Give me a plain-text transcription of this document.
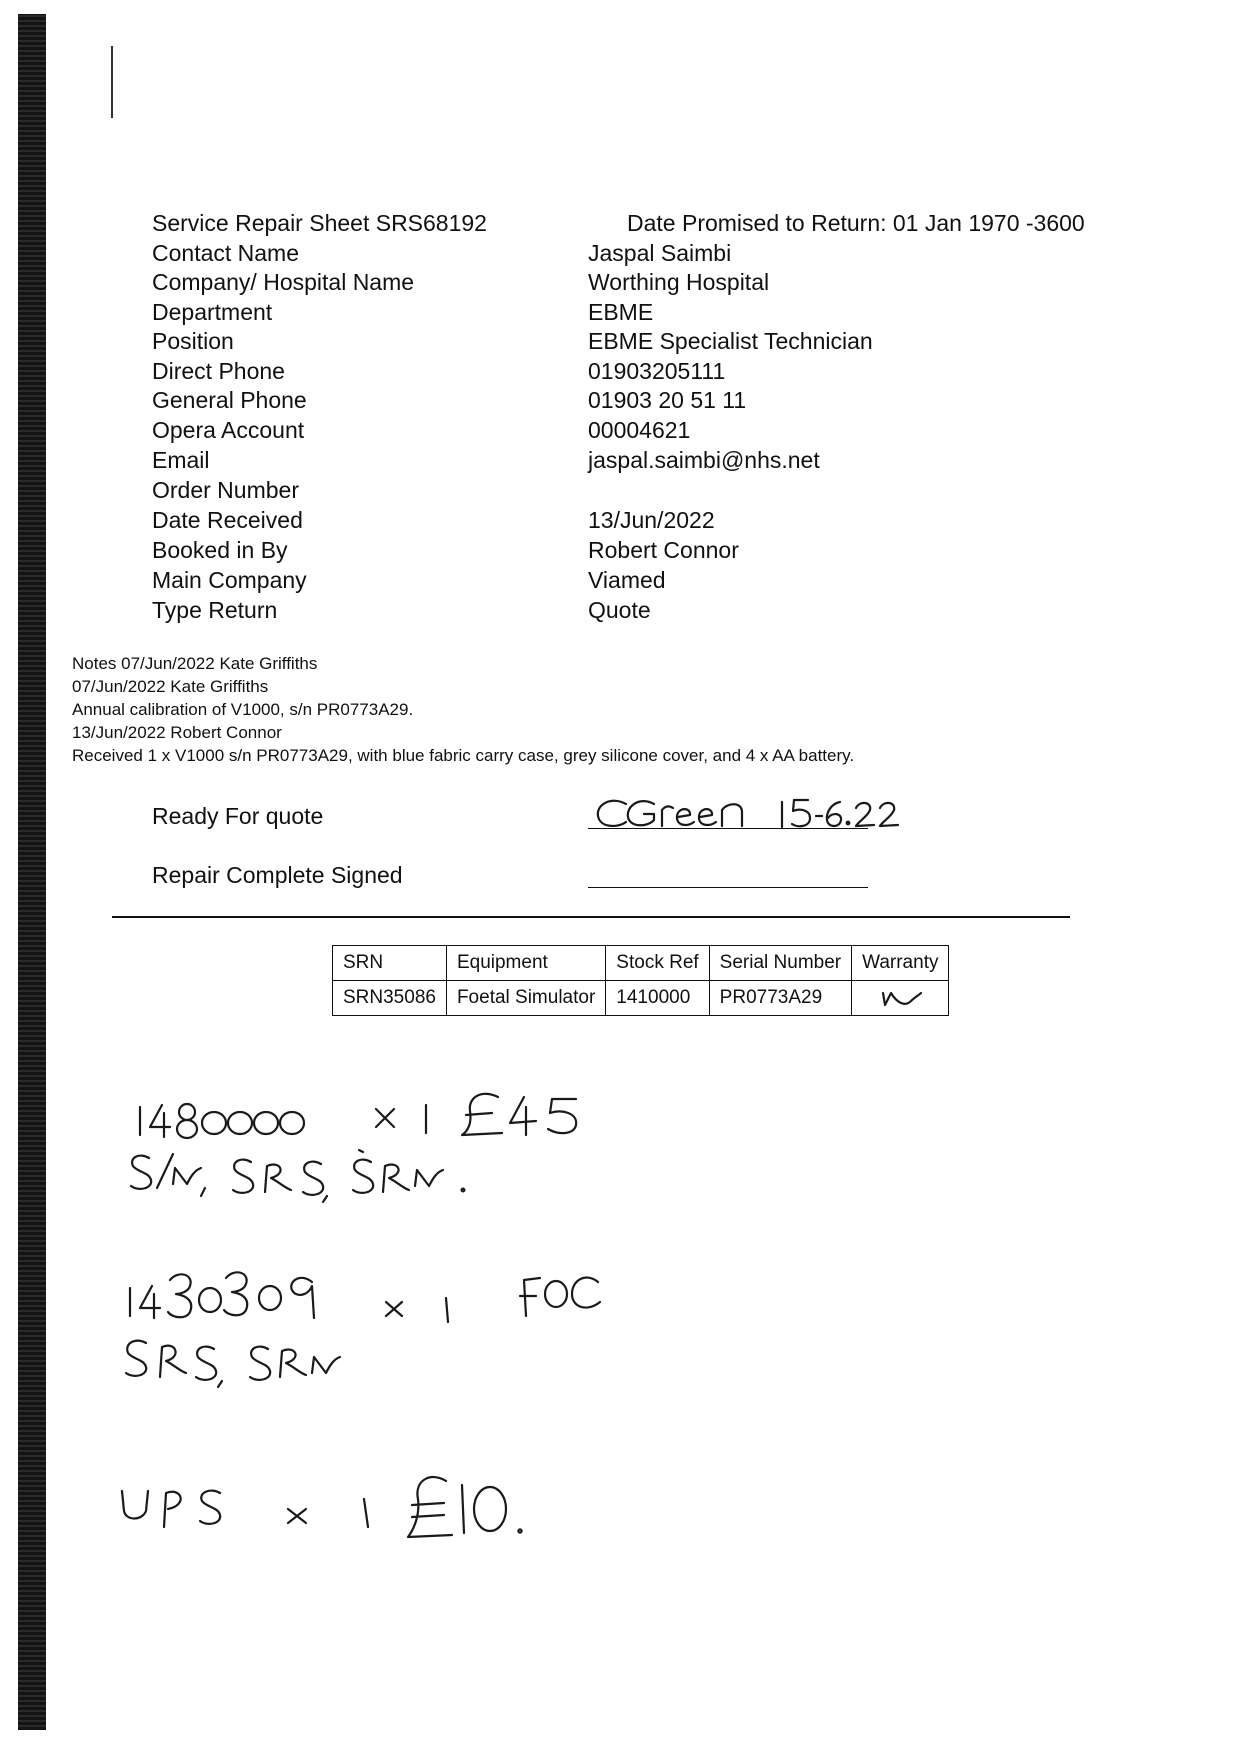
Service Repair Sheet SRS68192	Date Promised to Return: 01 Jan 1970 -3600
Contact Name	Jaspal Saimbi
Company/ Hospital Name	Worthing Hospital
Department	EBME
Position	EBME Specialist Technician
Direct Phone	01903205111
General Phone	01903 20 51 11
Opera Account	00004621
Email	jaspal.saimbi@nhs.net
Order Number
Date Received	13/Jun/2022
Booked in By	Robert Connor
Main Company	Viamed
Type Return	Quote
Notes 07/Jun/2022 Kate Griffiths
07/Jun/2022 Kate Griffiths
Annual calibration of V1000, s/n PR0773A29.
13/Jun/2022 Robert Connor
Received 1 x V1000 s/n PR0773A29, with blue fabric carry case, grey silicone cover, and 4 x AA battery.
Ready For quote
Repair Complete Signed
SRN	Equipment	Stock Ref	Serial Number	Warranty
SRN35086	Foetal Simulator	1410000	PR0773A29	
